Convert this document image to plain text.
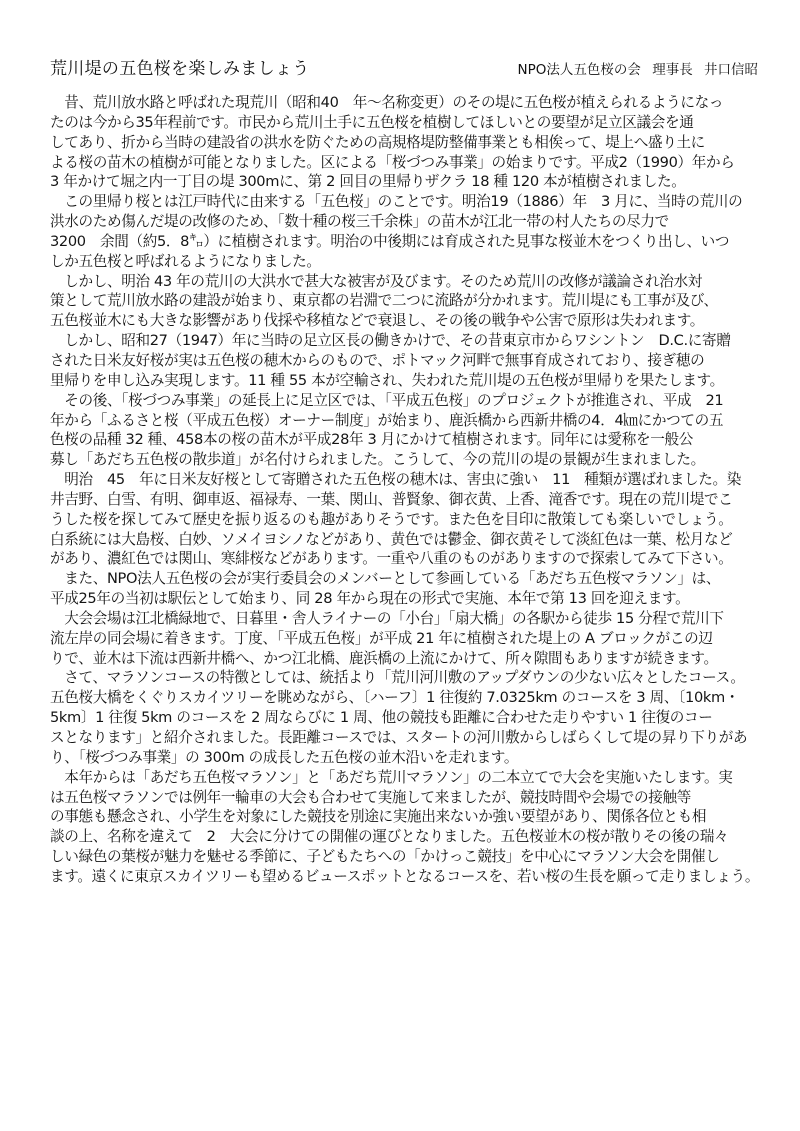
荒川堤の五色桜を楽しみましょう	NPO法人五色桜の会 理事長 井口信昭
　昔、荒川放水路と呼ばれた現荒川（昭和40　年～名称変更）のその堤に五色桜が植えられるようになっ
たのは今から35年程前です。市民から荒川土手に五色桜を植樹してほしいとの要望が足立区議会を通
してあり、折から当時の建設省の洪水を防ぐための高規格堤防整備事業とも相俟って、堤上へ盛り土に
よる桜の苗木の植樹が可能となりました。区による「桜づつみ事業」の始まりです。平成2（1990）年から
3 年かけて堀之内一丁目の堤 300mに、第 2 回目の里帰りザクラ 18 種 120 本が植樹されました。
　この里帰り桜とは江戸時代に由来する「五色桜」のことです。明治19（1886）年　3 月に、当時の荒川の
洪水のため傷んだ堤の改修のため、「数十種の桜三千余株」の苗木が江北一帯の村人たちの尽力で
3200　余間（約5．8㌔）に植樹されます。明治の中後期には育成された見事な桜並木をつくり出し、いつ
しか五色桜と呼ばれるようになりました。
　しかし、明治 43 年の荒川の大洪水で甚大な被害が及びます。そのため荒川の改修が議論され治水対
策として荒川放水路の建設が始まり、東京都の岩淵で二つに流路が分かれます。荒川堤にも工事が及び、
五色桜並木にも大きな影響があり伐採や移植などで衰退し、その後の戦争や公害で原形は失われます。
　しかし、昭和27（1947）年に当時の足立区長の働きかけで、その昔東京市からワシントン　D.C.に寄贈
された日米友好桜が実は五色桜の穂木からのもので、ポトマック河畔で無事育成されており、接ぎ穂の
里帰りを申し込み実現します。11 種 55 本が空輸され、失われた荒川堤の五色桜が里帰りを果たします。
　その後、「桜づつみ事業」の延長上に足立区では、「平成五色桜」のプロジェクトが推進され、平成　21
年から「ふるさと桜（平成五色桜）オーナー制度」が始まり、鹿浜橋から西新井橋の4．4㎞にかつての五
色桜の品種 32 種、458本の桜の苗木が平成28年 3 月にかけて植樹されます。同年には愛称を一般公
募し「あだち五色桜の散歩道」が名付けられました。こうして、今の荒川の堤の景観が生まれました。
　明治　45　年に日米友好桜として寄贈された五色桜の穂木は、害虫に強い　11　種類が選ばれました。染
井吉野、白雪、有明、御車返、福禄寿、一葉、関山、普賢象、御衣黄、上香、滝香です。現在の荒川堤でこ
うした桜を探してみて歴史を振り返るのも趣がありそうです。また色を目印に散策しても楽しいでしょう。
白系統には大島桜、白妙、ソメイヨシノなどがあり、黄色では鬱金、御衣黄そして淡紅色は一葉、松月など
があり、濃紅色では関山、寒緋桜などがあります。一重や八重のものがありますので探索してみて下さい。
　また、NPO法人五色桜の会が実行委員会のメンバーとして参画している「あだち五色桜マラソン」は、
平成25年の当初は駅伝として始まり、同 28 年から現在の形式で実施、本年で第 13 回を迎えます。
　大会会場は江北橋緑地で、日暮里・舎人ライナーの「小台」「扇大橋」の各駅から徒歩 15 分程で荒川下
流左岸の同会場に着きます。丁度、「平成五色桜」が平成 21 年に植樹された堤上の A ブロックがこの辺
りで、並木は下流は西新井橋へ、かつ江北橋、鹿浜橋の上流にかけて、所々隙間もありますが続きます。
　さて、マラソンコースの特徴としては、統括より「荒川河川敷のアップダウンの少ない広々としたコース。
五色桜大橋をくぐりスカイツリーを眺めながら、〔ハーフ〕1 往復約 7.0325km のコースを 3 周、〔10km・
5km〕1 往復 5km のコースを 2 周ならびに 1 周、他の競技も距離に合わせた走りやすい 1 往復のコー
スとなります」と紹介されました。長距離コースでは、スタートの河川敷からしばらくして堤の昇り下りがあ
り、「桜づつみ事業」の 300m の成長した五色桜の並木沿いを走れます。
　本年からは「あだち五色桜マラソン」と「あだち荒川マラソン」の二本立てで大会を実施いたします。実
は五色桜マラソンでは例年一輪車の大会も合わせて実施して来ましたが、競技時間や会場での接触等
の事態も懸念され、小学生を対象にした競技を別途に実施出来ないか強い要望があり、関係各位とも相
談の上、名称を違えて　2　大会に分けての開催の運びとなりました。五色桜並木の桜が散りその後の瑞々
しい緑色の葉桜が魅力を魅せる季節に、子どもたちへの「かけっこ競技」を中心にマラソン大会を開催し
ます。遠くに東京スカイツリーも望めるビュースポットとなるコースを、若い桜の生長を願って走りましょう。
